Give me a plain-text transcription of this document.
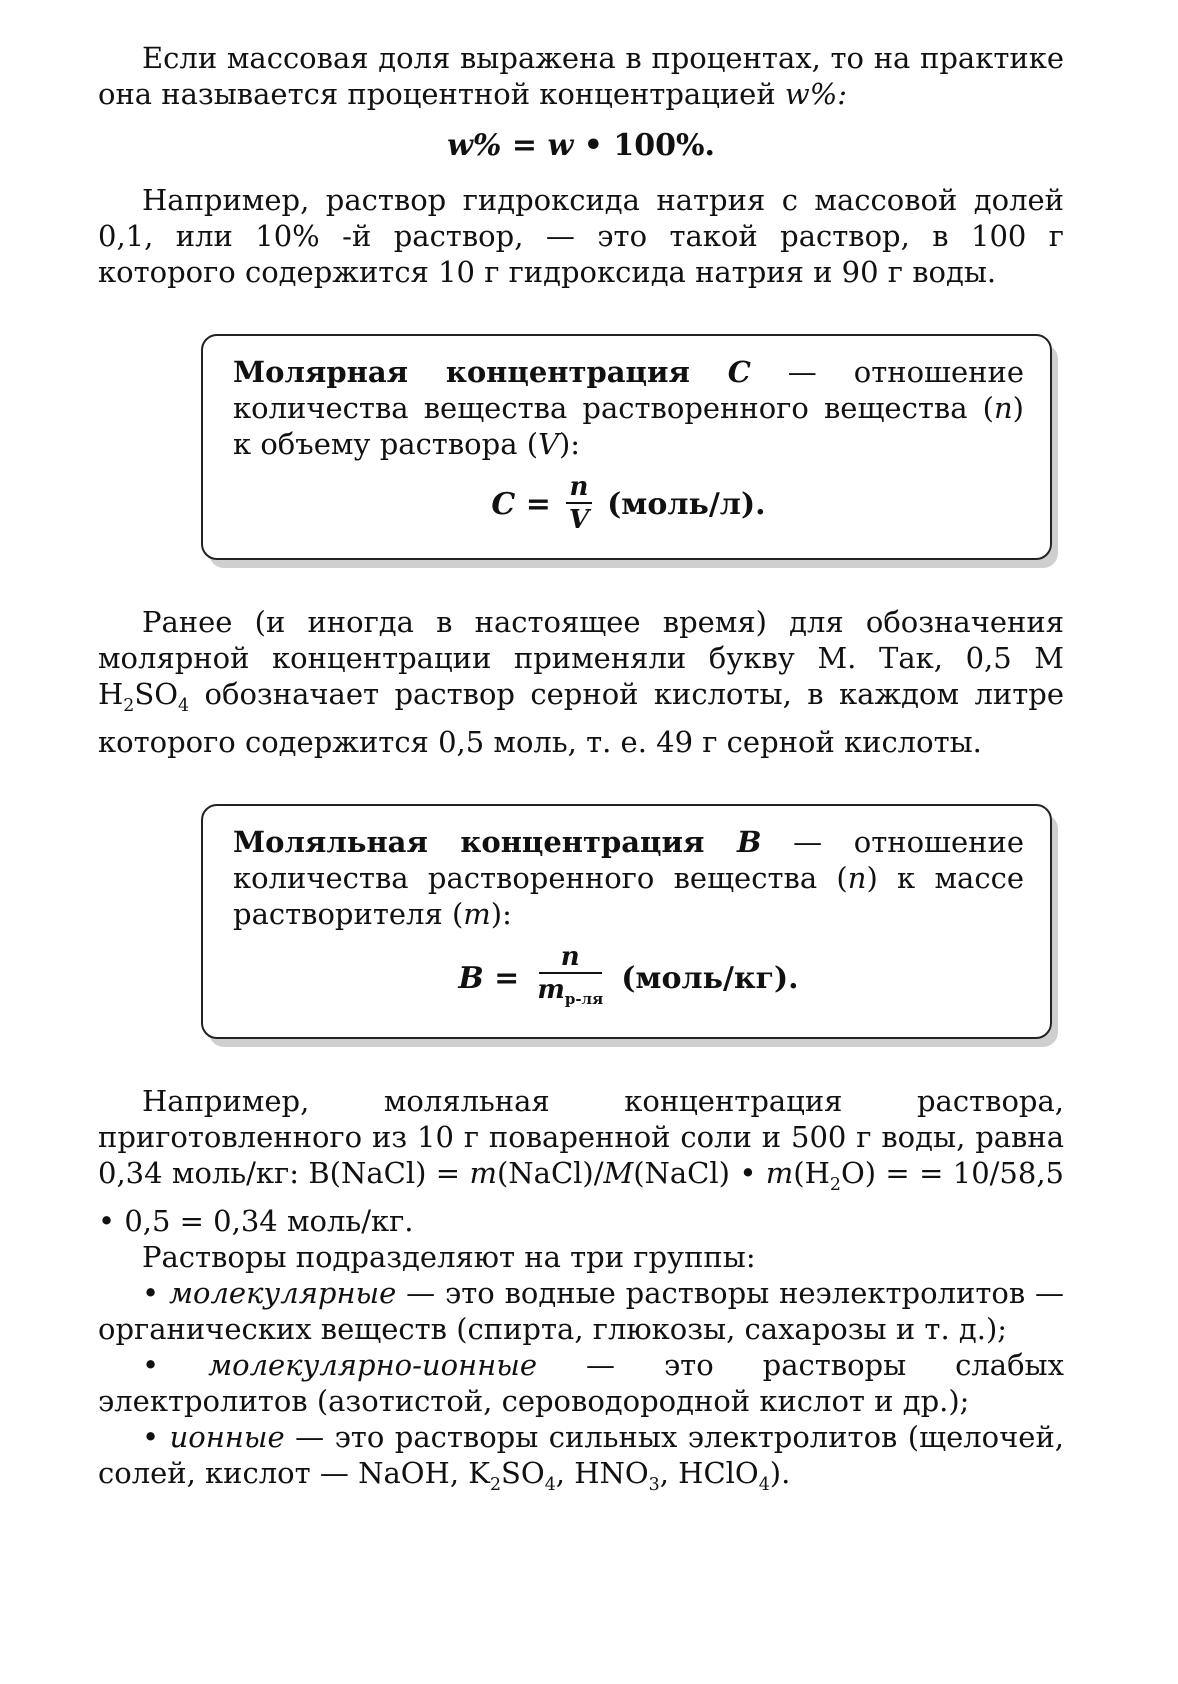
Если массовая доля выражена в процентах, то на практике она называется процентной концентрацией w%:

w% = w • 100%.

Например, раствор гидроксида натрия с массовой долей 0,1, или 10% -й раствор, — это такой раствор, в 100 г которого содержится 10 г гидроксида натрия и 90 г воды.

Молярная концентрация C — отношение количества вещества растворенного вещества (n) к объему раствора (V):

$C = \frac{n}{V}$ (моль/л).

Ранее (и иногда в настоящее время) для обозначения молярной концентрации применяли букву М. Так, 0,5 М $H_2SO_4$ обозначает раствор серной кислоты, в каждом литре которого содержится 0,5 моль, т. е. 49 г серной кислоты.

Моляльная концентрация B — отношение количества растворенного вещества (n) к массе растворителя (m):

$B = \frac{n}{m_{р-ля}}$ (моль/кг).

Например, моляльная концентрация раствора, приготовленного из 10 г поваренной соли и 500 г воды, равна 0,34 моль/кг: B(NaCl) = m(NaCl)/M(NaCl) • $m(H_2O)$ = = 10/58,5 • 0,5 = 0,34 моль/кг.

Растворы подразделяют на три группы:

• молекулярные — это водные растворы неэлектролитов — органических веществ (спирта, глюкозы, сахарозы и т. д.);

• молекулярно-ионные — это растворы слабых электролитов (азотистой, сероводородной кислот и др.);

• ионные — это растворы сильных электролитов (щелочей, солей, кислот — NaOH, $K_2SO_4$, $HNO_3$, HClO$_4$).
